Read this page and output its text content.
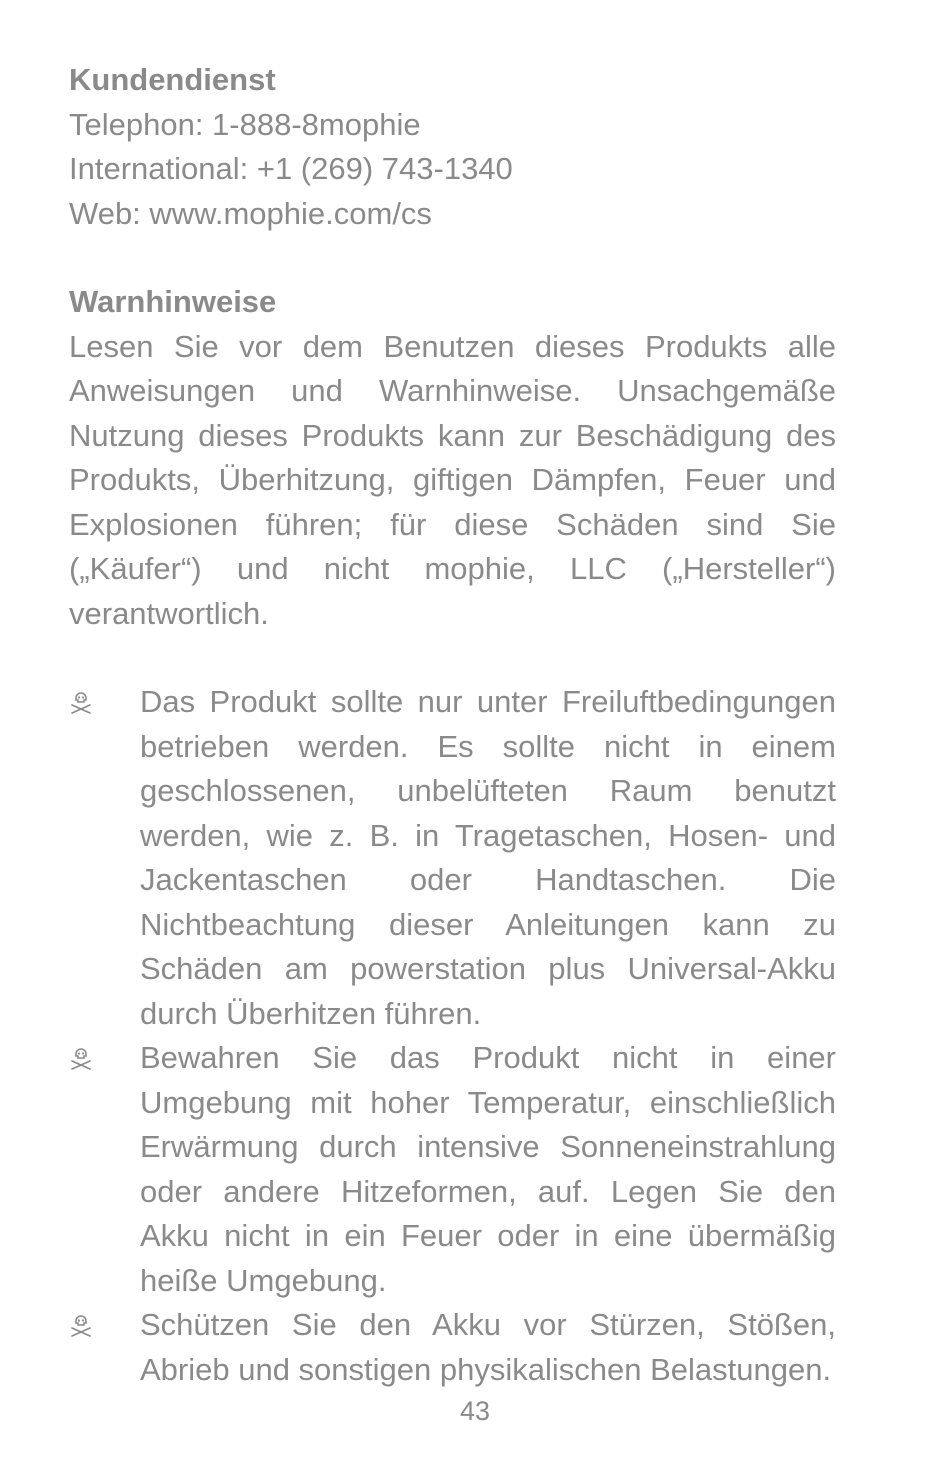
Kundendienst

Telephon: 1-888-8mophie

International: +1 (269) 743-1340

Web: www.mophie.com/cs

Warnhinweise

Lesen Sie vor dem Benutzen dieses Produkts alle Anweisungen und Warnhinweise. Unsachgemäße Nutzung dieses Produkts kann zur Beschädigung des Produkts, Überhitzung, giftigen Dämpfen, Feuer und Explosionen führen; für diese Schäden sind Sie („Käufer“) und nicht mophie, LLC („Hersteller“) verantwortlich.

Das Produkt sollte nur unter Freiluftbedingungen betrieben werden. Es sollte nicht in einem geschlossenen, unbelüfteten Raum benutzt werden, wie z. B. in Tragetaschen, Hosen- und Jackentaschen oder Handtaschen. Die Nichtbeachtung dieser Anleitungen kann zu Schäden am powerstation plus Universal-Akku durch Überhitzen führen.
Bewahren Sie das Produkt nicht in einer Umgebung mit hoher Temperatur, einschließlich Erwärmung durch intensive Sonneneinstrahlung oder andere Hitzeformen, auf. Legen Sie den Akku nicht in ein Feuer oder in eine übermäßig heiße Umgebung.
Schützen Sie den Akku vor Stürzen, Stößen, Abrieb und sonstigen physikalischen Belastungen.
43
